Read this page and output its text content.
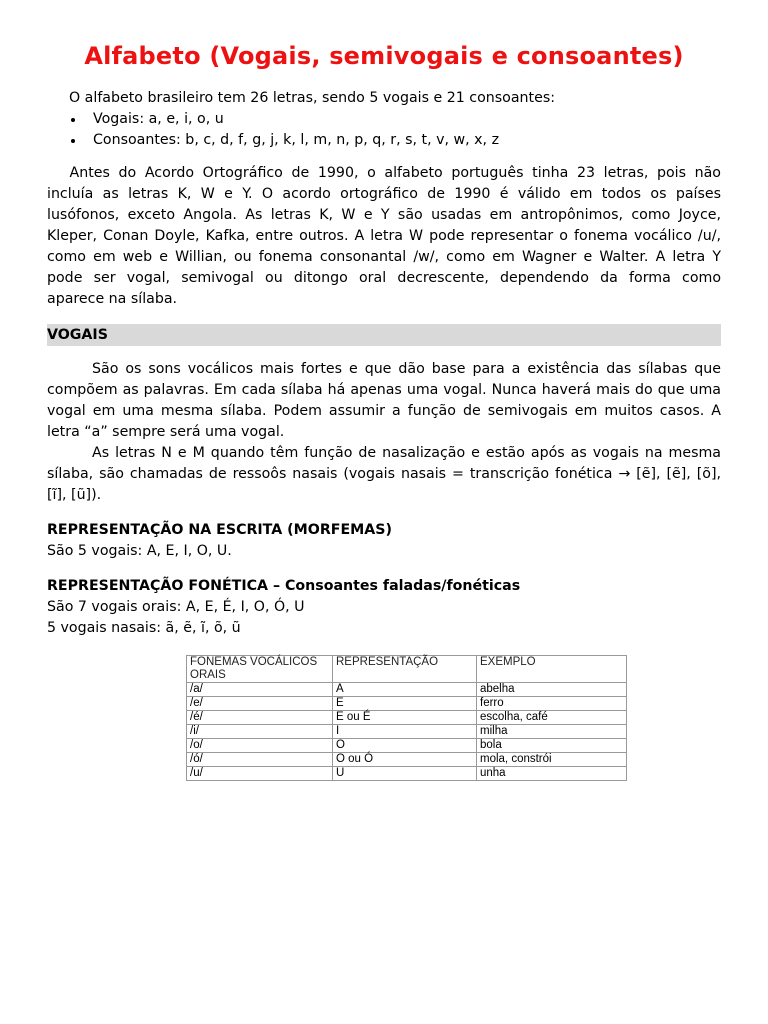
Alfabeto (Vogais, semivogais e consoantes)
O alfabeto brasileiro tem 26 letras, sendo 5 vogais e 21 consoantes:
Vogais: a, e, i, o, u
Consoantes: b, c, d, f, g, j, k, l, m, n, p, q, r, s, t, v, w, x, z
Antes do Acordo Ortográfico de 1990, o alfabeto português tinha 23 letras, pois não
incluía as letras K, W e Y. O acordo ortográfico de 1990 é válido em todos os países
lusófonos, exceto Angola. As letras K, W e Y são usadas em antropônimos, como Joyce,
Kleper, Conan Doyle, Kafka, entre outros. A letra W pode representar o fonema vocálico /u/,
como em web e Willian, ou fonema consonantal /w/, como em Wagner e Walter. A letra Y
pode ser vogal, semivogal ou ditongo oral decrescente, dependendo da forma como
aparece na sílaba.
VOGAIS
São os sons vocálicos mais fortes e que dão base para a existência das sílabas que
compõem as palavras. Em cada sílaba há apenas uma vogal. Nunca haverá mais do que uma
vogal em uma mesma sílaba. Podem assumir a função de semivogais em muitos casos. A
letra “a” sempre será uma vogal.
As letras N e M quando têm função de nasalização e estão após as vogais na mesma
sílaba, são chamadas de ressoôs nasais (vogais nasais = transcrição fonética → [ẽ], [ẽ], [õ],
[ĩ], [ũ]).
REPRESENTAÇÃO NA ESCRITA (MORFEMAS)
São 5 vogais: A, E, I, O, U.
REPRESENTAÇÃO FONÉTICA – Consoantes faladas/fonéticas
São 7 vogais orais: A, E, É, I, O, Ó, U
5 vogais nasais: ã, ẽ, ĩ, õ, ũ
FONEMAS VOCÁLICOS ORAIS	REPRESENTAÇÃO	EXEMPLO
/a/	A	abelha
/e/	E	ferro
/é/	E ou É	escolha, café
/i/	I	milha
/o/	O	bola
/ó/	O ou Ó	mola, constrói
/u/	U	unha
